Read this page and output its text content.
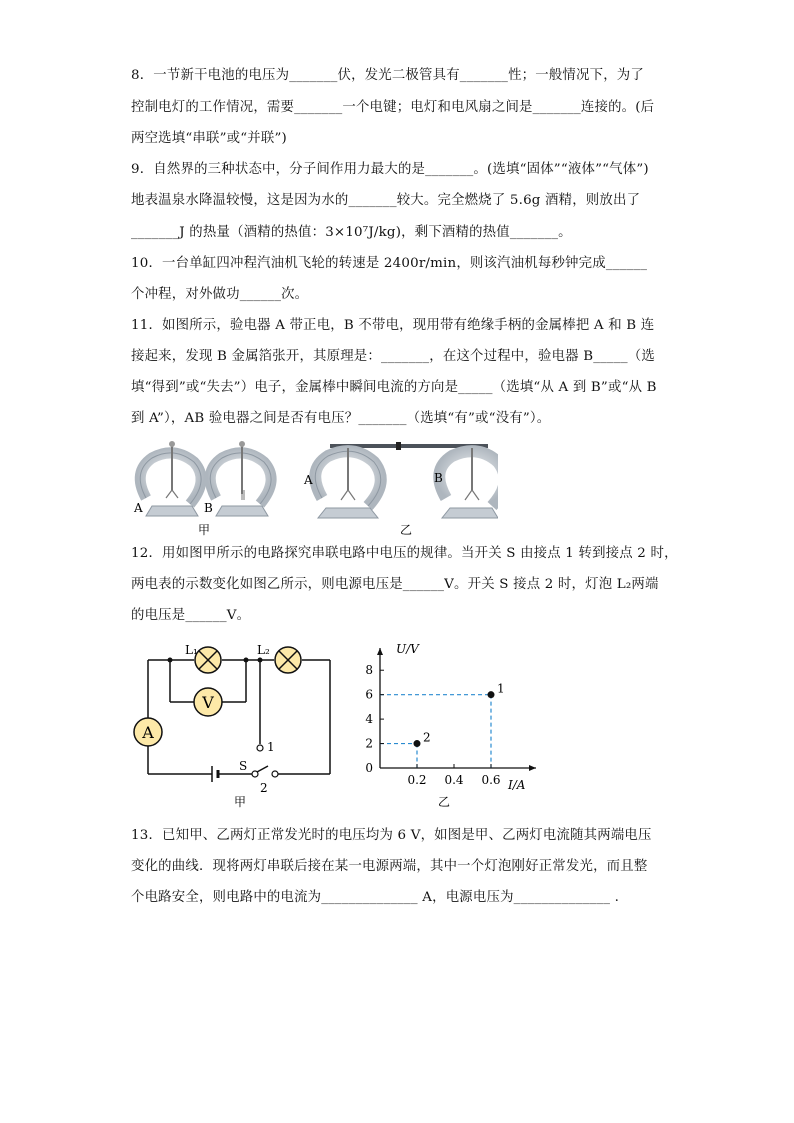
8．一节新干电池的电压为_______伏，发光二极管具有_______性；一般情况下，为了
控制电灯的工作情况，需要_______一个电键；电灯和电风扇之间是_______连接的。(后
两空选填“串联”或“并联”)
9．自然界的三种状态中，分子间作用力最大的是_______。(选填“固体”“液体”“气体”)
地表温泉水降温较慢，这是因为水的_______较大。完全燃烧了 5.6g 酒精，则放出了
_______J 的热量（酒精的热值：3×10⁷J/kg)，剩下酒精的热值_______。
10．一台单缸四冲程汽油机飞轮的转速是 2400r/min，则该汽油机每秒钟完成______
个冲程，对外做功______次。
11．如图所示，验电器 A 带正电，B 不带电，现用带有绝缘手柄的金属棒把 A 和 B 连
接起来，发现 B 金属箔张开，其原理是：_______，在这个过程中，验电器 B_____（选
填“得到”或“失去”）电子，金属棒中瞬间电流的方向是_____（选填“从 A 到 B”或“从 B
到 A”），AB 验电器之间是否有电压？_______（选填“有”或“没有”）。
A	B
甲
A	B
乙
12．用如图甲所示的电路探究串联电路中电压的规律。当开关 S 由接点 1 转到接点 2 时，
两电表的示数变化如图乙所示，则电源电压是______V。开关 S 接点 2 时，灯泡 L₂两端
的电压是______V。
V
A
L₁	L₂
S
1
2
甲
1
2
0
2
4
6
8
0.2 0.4 0.6
U/V
I/A
乙
13．已知甲、乙两灯正常发光时的电压均为 6 V，如图是甲、乙两灯电流随其两端电压
变化的曲线．现将两灯串联后接在某一电源两端，其中一个灯泡刚好正常发光，而且整
个电路安全，则电路中的电流为______________ A，电源电压为______________ .
